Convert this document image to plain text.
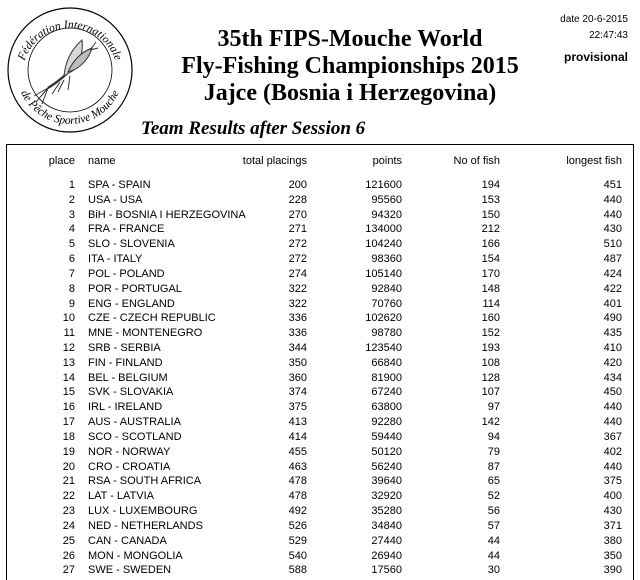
Fédération Internationale
de Pêche Sportive Mouche
35th FIPS-Mouche World
Fly-Fishing Championships 2015
Jajce (Bosnia i Herzegovina)
date 20-6-2015
22:47:43
provisional
Team Results after Session 6
place name	total placings	points	No of fish	longest fish
1 SPA - SPAIN	200	121600	194	451
2 USA - USA	228	95560	153	440
3 BiH - BOSNIA I HERZEGOVINA	270	94320	150	440
4 FRA - FRANCE	271	134000	212	430
5 SLO - SLOVENIA	272	104240	166	510
6 ITA - ITALY	272	98360	154	487
7 POL - POLAND	274	105140	170	424
8 POR - PORTUGAL	322	92840	148	422
9 ENG - ENGLAND	322	70760	114	401
10 CZE - CZECH REPUBLIC	336	102620	160	490
11 MNE - MONTENEGRO	336	98780	152	435
12 SRB - SERBIA	344	123540	193	410
13 FIN - FINLAND	350	66840	108	420
14 BEL - BELGIUM	360	81900	128	434
15 SVK - SLOVAKIA	374	67240	107	450
16 IRL - IRELAND	375	63800	97	440
17 AUS - AUSTRALIA	413	92280	142	440
18 SCO - SCOTLAND	414	59440	94	367
19 NOR - NORWAY	455	50120	79	402
20 CRO - CROATIA	463	56240	87	440
21 RSA - SOUTH AFRICA	478	39640	65	375
22 LAT - LATVIA	478	32920	52	400
23 LUX - LUXEMBOURG	492	35280	56	430
24 NED - NETHERLANDS	526	34840	57	371
25 CAN - CANADA	529	27440	44	380
26 MON - MONGOLIA	540	26940	44	350
27 SWE - SWEDEN	588	17560	30	390
